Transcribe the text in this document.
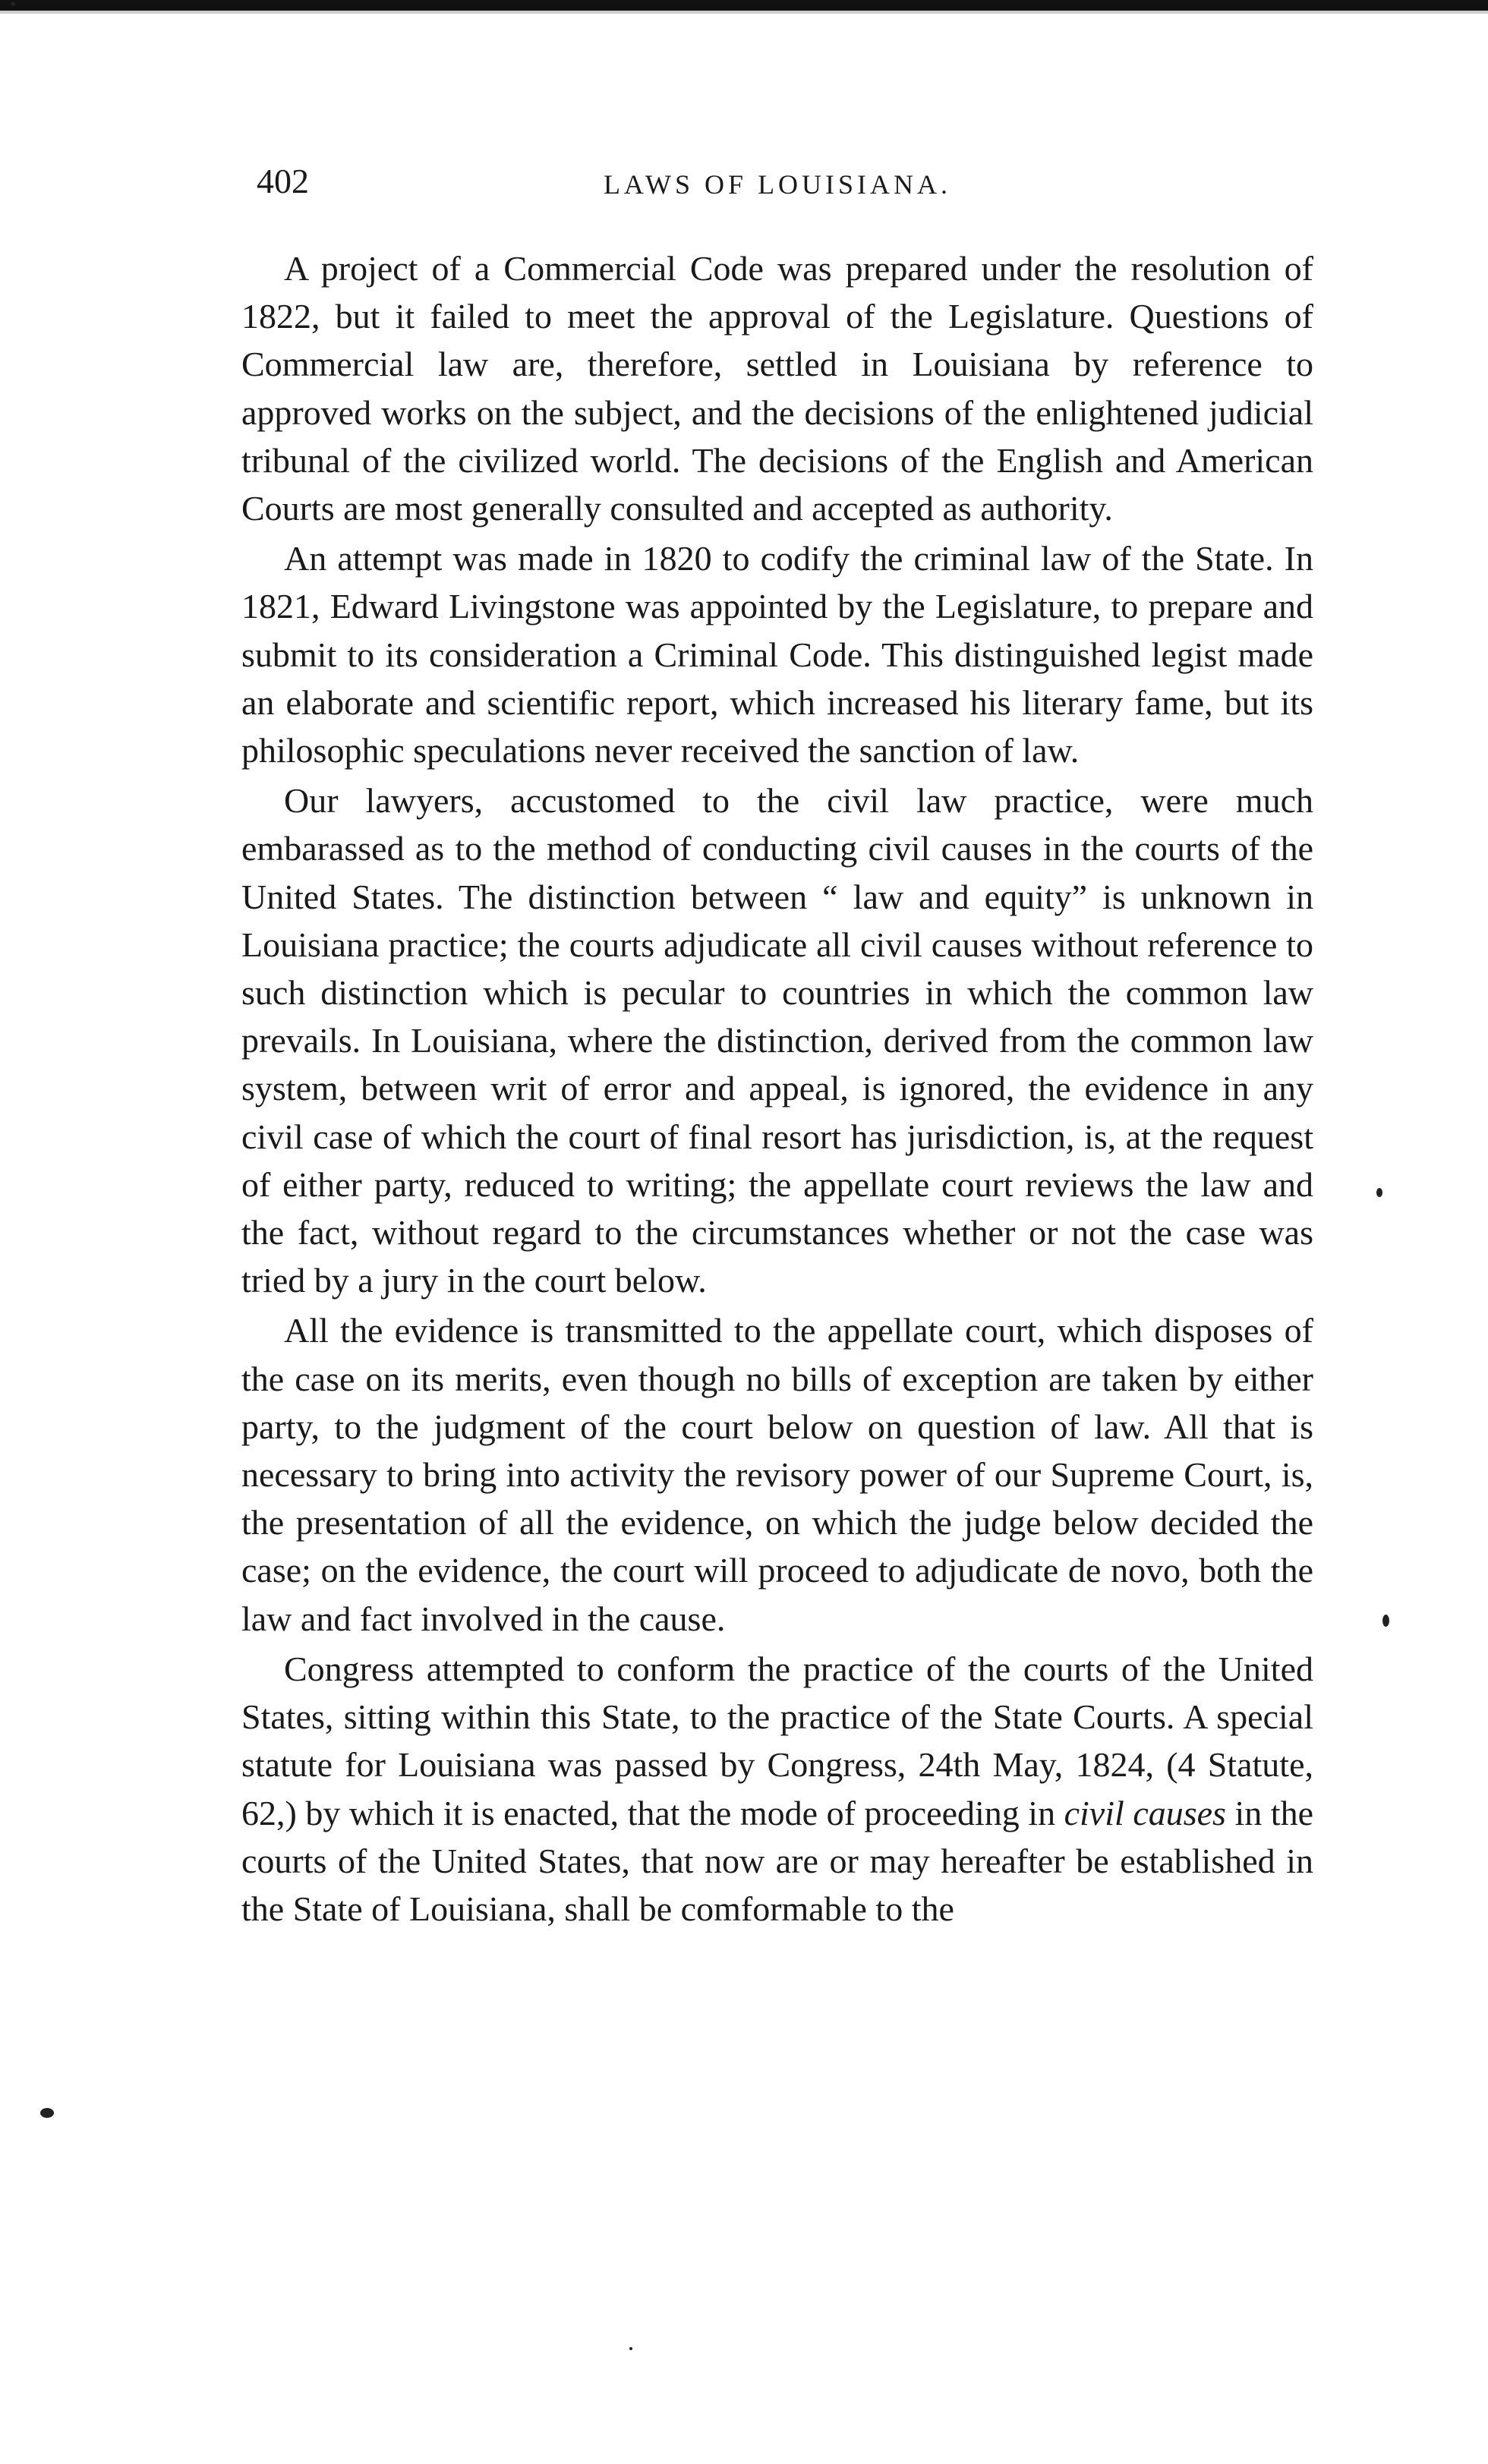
402	LAWS OF LOUISIANA.

A project of a Commercial Code was prepared under the resolution of 1822, but it failed to meet the approval of the Legislature. Questions of Commercial law are, therefore, settled in Louisiana by reference to approved works on the subject, and the decisions of the enlightened judicial tribunal of the civilized world. The decisions of the English and American Courts are most generally consulted and accepted as authority.

An attempt was made in 1820 to codify the criminal law of the State. In 1821, Edward Livingstone was appointed by the Legislature, to prepare and submit to its consideration a Criminal Code. This distinguished legist made an elaborate and scientific report, which increased his literary fame, but its philosophic speculations never received the sanction of law.

Our lawyers, accustomed to the civil law practice, were much embarassed as to the method of conducting civil causes in the courts of the United States. The distinction between “ law and equity” is unknown in Louisiana practice; the courts adjudicate all civil causes without reference to such distinction which is pecular to countries in which the common law prevails. In Louisiana, where the distinction, derived from the common law system, between writ of error and appeal, is ignored, the evidence in any civil case of which the court of final resort has jurisdiction, is, at the request of either party, reduced to writing; the appellate court reviews the law and the fact, without regard to the circumstances whether or not the case was tried by a jury in the court below.

All the evidence is transmitted to the appellate court, which disposes of the case on its merits, even though no bills of exception are taken by either party, to the judgment of the court below on question of law. All that is necessary to bring into activity the revisory power of our Supreme Court, is, the presentation of all the evidence, on which the judge below decided the case; on the evidence, the court will proceed to adjudicate de novo, both the law and fact involved in the cause.

Congress attempted to conform the practice of the courts of the United States, sitting within this State, to the practice of the State Courts. A special statute for Louisiana was passed by Congress, 24th May, 1824, (4 Statute, 62,) by which it is enacted, that the mode of proceeding in civil causes in the courts of the United States, that now are or may hereafter be established in the State of Louisiana, shall be comformable to the
